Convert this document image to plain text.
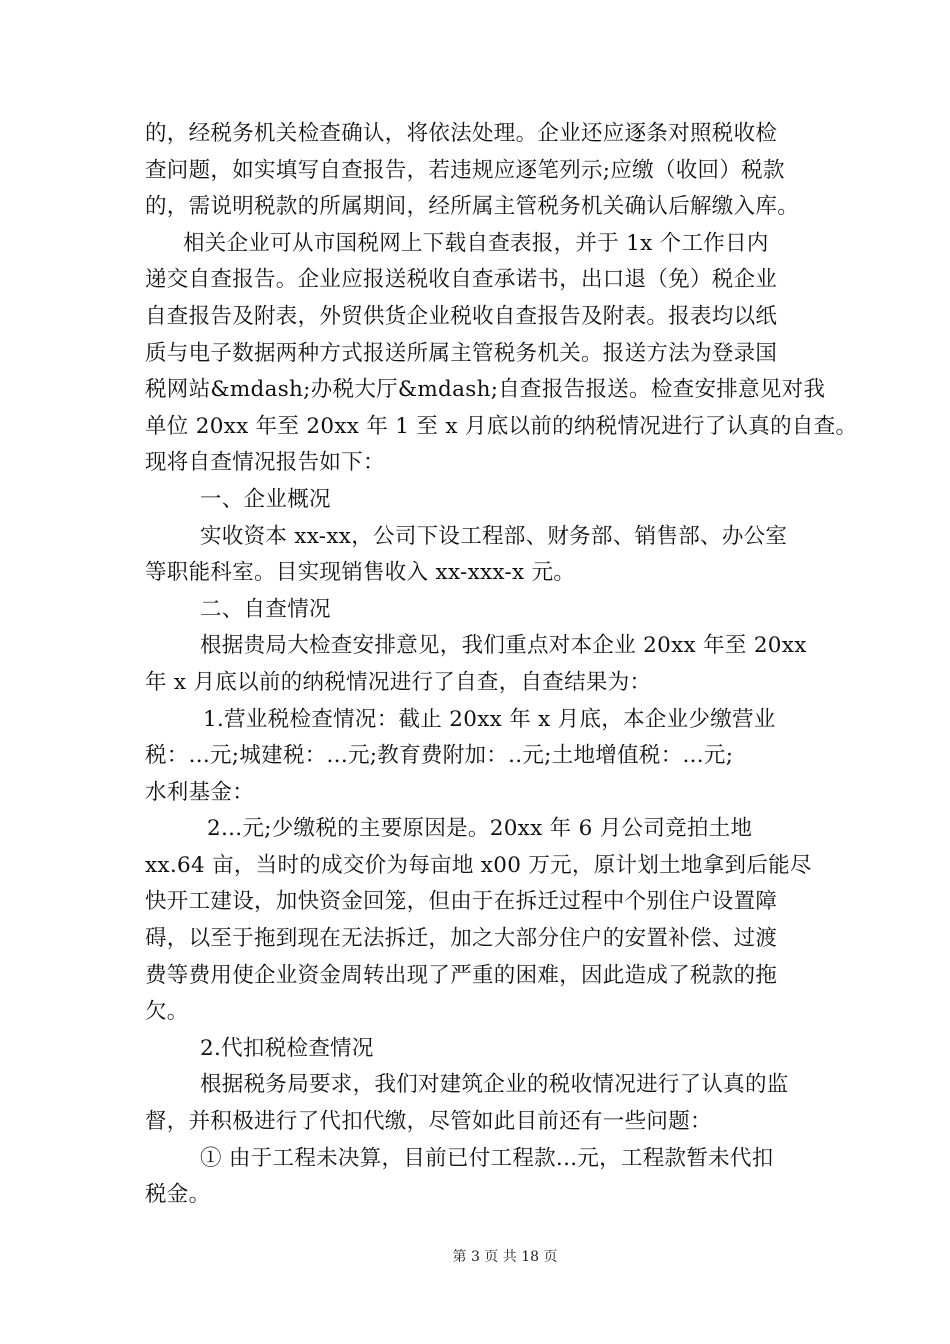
的，经税务机关检查确认，将依法处理。企业还应逐条对照税收检
查问题，如实填写自查报告，若违规应逐笔列示;应缴（收回）税款
的，需说明税款的所属期间，经所属主管税务机关确认后解缴入库。
相关企业可从市国税网上下载自查表报，并于 1x 个工作日内
递交自查报告。企业应报送税收自查承诺书，出口退（免）税企业
自查报告及附表，外贸供货企业税收自查报告及附表。报表均以纸
质与电子数据两种方式报送所属主管税务机关。报送方法为登录国
税网站&mdash;办税大厅&mdash;自查报告报送。检查安排意见对我
单位 20xx 年至 20xx 年 1 至 x 月底以前的纳税情况进行了认真的自查。
现将自查情况报告如下：
一、企业概况
实收资本 xx-xx，公司下设工程部、财务部、销售部、办公室
等职能科室。目实现销售收入 xx-xxx-x 元。
二、自查情况
根据贵局大检查安排意见，我们重点对本企业 20xx 年至 20xx
年 x 月底以前的纳税情况进行了自查，自查结果为：
1.营业税检查情况：截止 20xx 年 x 月底，本企业少缴营业
税：...元;城建税：...元;教育费附加：..元;土地增值税：...元;
水利基金：
2...元;少缴税的主要原因是。20xx 年 6 月公司竞拍土地
xx.64 亩，当时的成交价为每亩地 x00 万元，原计划土地拿到后能尽
快开工建设，加快资金回笼，但由于在拆迁过程中个别住户设置障
碍，以至于拖到现在无法拆迁，加之大部分住户的安置补偿、过渡
费等费用使企业资金周转出现了严重的困难，因此造成了税款的拖
欠。
2.代扣税检查情况
根据税务局要求，我们对建筑企业的税收情况进行了认真的监
督，并积极进行了代扣代缴，尽管如此目前还有一些问题：
① 由于工程未决算，目前已付工程款...元，工程款暂未代扣
税金。
第 3 页 共 18 页
